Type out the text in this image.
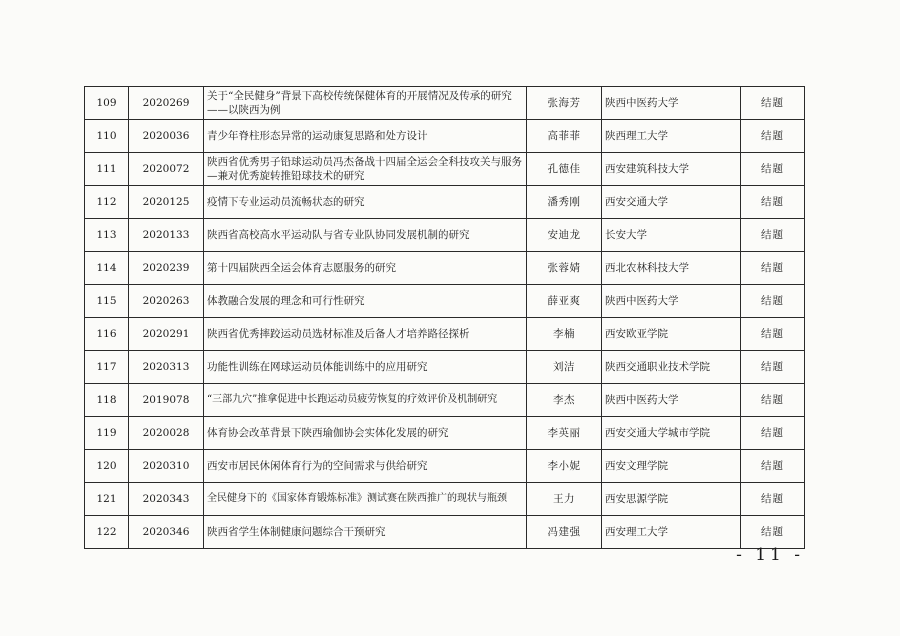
109	2020269	关于“全民健身”背景下高校传统保健体育的开展情况及传承的研究——以陕西为例	张海芳	陕西中医药大学	结题
110	2020036	青少年脊柱形态异常的运动康复思路和处方设计	高菲菲	陕西理工大学	结题
111	2020072	陕西省优秀男子铅球运动员冯杰备战十四届全运会全科技攻关与服务—兼对优秀旋转推铅球技术的研究	孔德佳	西安建筑科技大学	结题
112	2020125	疫情下专业运动员流畅状态的研究	潘秀刚	西安交通大学	结题
113	2020133	陕西省高校高水平运动队与省专业队协同发展机制的研究	安迪龙	长安大学	结题
114	2020239	第十四届陕西全运会体育志愿服务的研究	张蓉婧	西北农林科技大学	结题
115	2020263	体教融合发展的理念和可行性研究	薛亚爽	陕西中医药大学	结题
116	2020291	陕西省优秀摔跤运动员选材标准及后备人才培养路径探析	李楠	西安欧亚学院	结题
117	2020313	功能性训练在网球运动员体能训练中的应用研究	刘洁	陕西交通职业技术学院	结题
118	2019078	“三部九穴”推拿促进中长跑运动员疲劳恢复的疗效评价及机制研究	李杰	陕西中医药大学	结题
119	2020028	体育协会改革背景下陕西瑜伽协会实体化发展的研究	李英丽	西安交通大学城市学院	结题
120	2020310	西安市居民休闲体育行为的空间需求与供给研究	李小妮	西安文理学院	结题
121	2020343	全民健身下的《国家体育锻炼标准》测试赛在陕西推广的现状与瓶颈	王力	西安思源学院	结题
122	2020346	陕西省学生体制健康问题综合干预研究	冯建强	西安理工大学	结题
- 11 -
